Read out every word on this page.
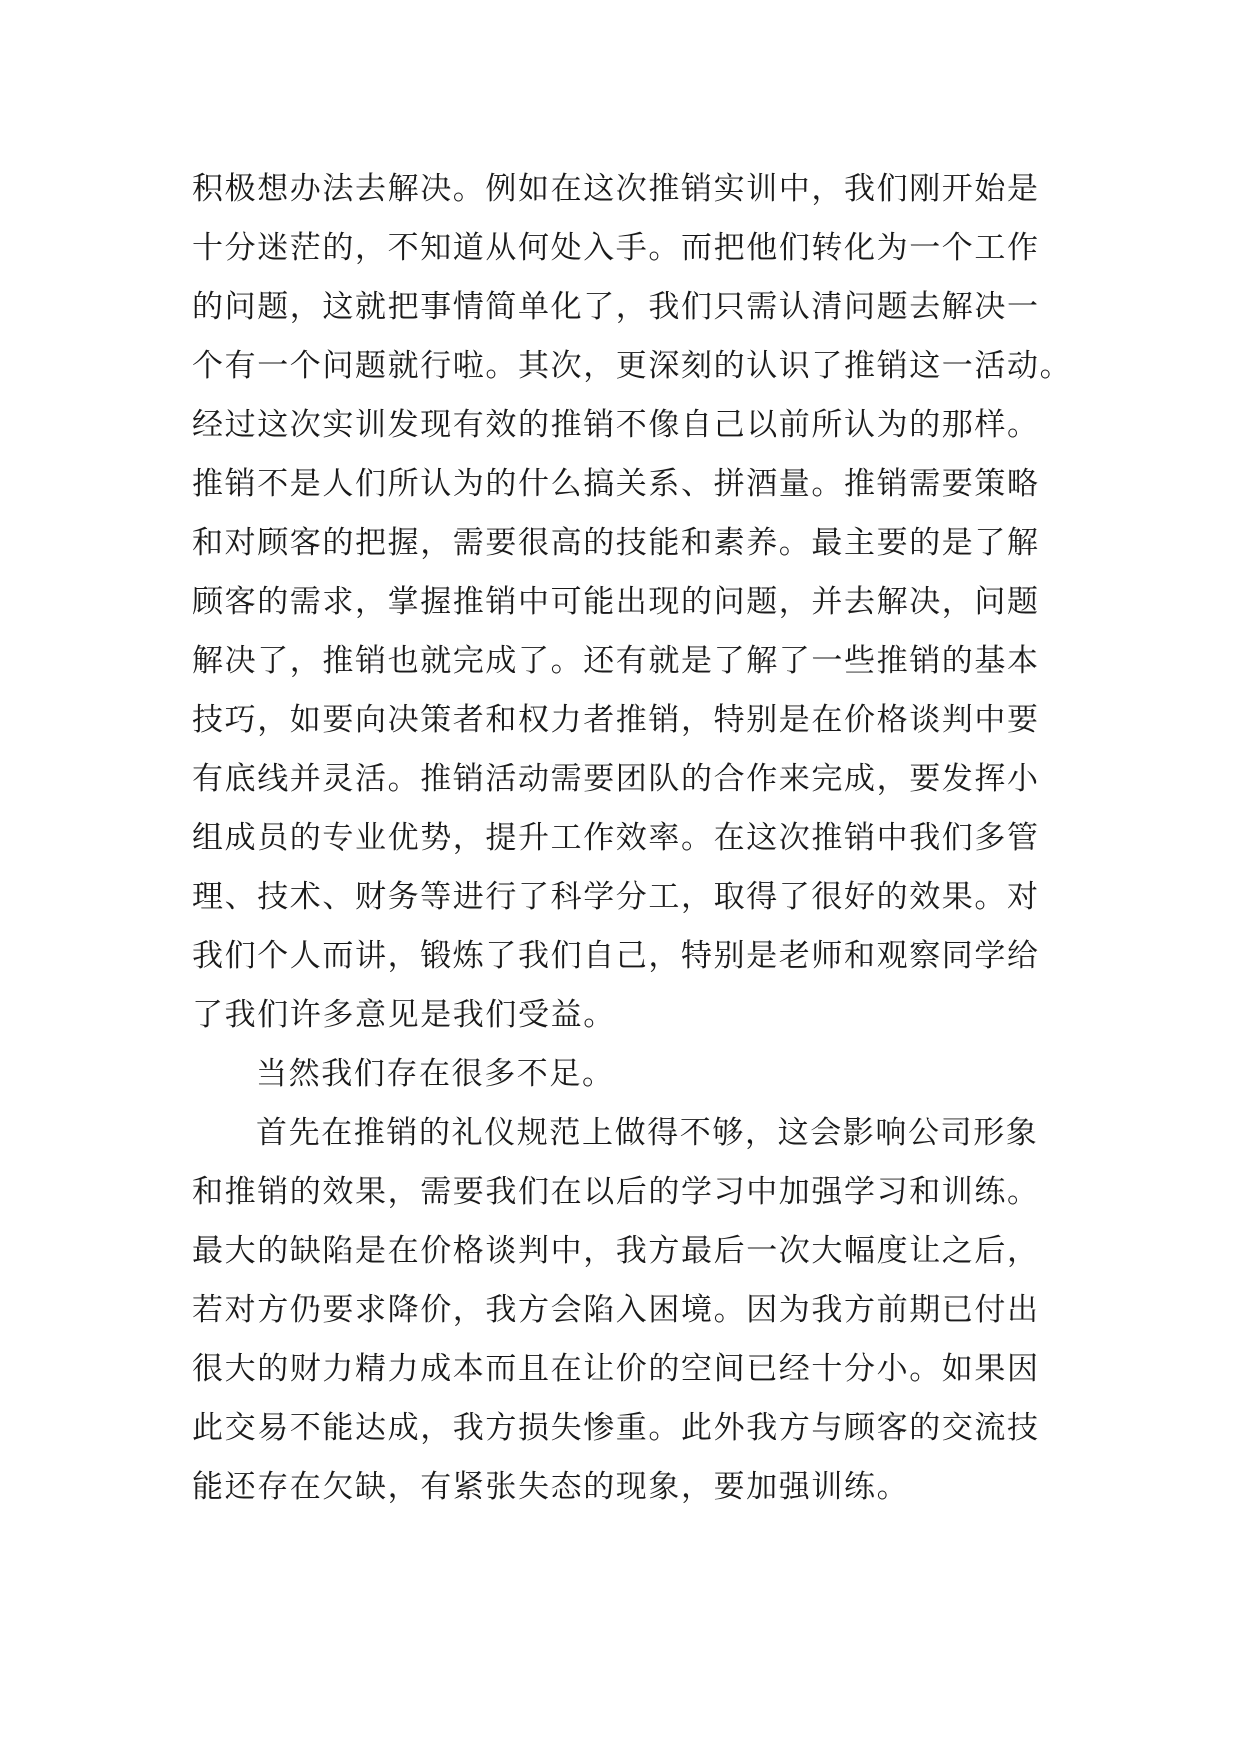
积极想办法去解决。例如在这次推销实训中，我们刚开始是
十分迷茫的，不知道从何处入手。而把他们转化为一个工作
的问题，这就把事情简单化了，我们只需认清问题去解决一
个有一个问题就行啦。其次，更深刻的认识了推销这一活动。
经过这次实训发现有效的推销不像自己以前所认为的那样。
推销不是人们所认为的什么搞关系、拼酒量。推销需要策略
和对顾客的把握，需要很高的技能和素养。最主要的是了解
顾客的需求，掌握推销中可能出现的问题，并去解决，问题
解决了，推销也就完成了。还有就是了解了一些推销的基本
技巧，如要向决策者和权力者推销，特别是在价格谈判中要
有底线并灵活。推销活动需要团队的合作来完成，要发挥小
组成员的专业优势，提升工作效率。在这次推销中我们多管
理、技术、财务等进行了科学分工，取得了很好的效果。对
我们个人而讲，锻炼了我们自己，特别是老师和观察同学给
了我们许多意见是我们受益。
当然我们存在很多不足。
首先在推销的礼仪规范上做得不够，这会影响公司形象
和推销的效果，需要我们在以后的学习中加强学习和训练。
最大的缺陷是在价格谈判中，我方最后一次大幅度让之后，
若对方仍要求降价，我方会陷入困境。因为我方前期已付出
很大的财力精力成本而且在让价的空间已经十分小。如果因
此交易不能达成，我方损失惨重。此外我方与顾客的交流技
能还存在欠缺，有紧张失态的现象，要加强训练。
